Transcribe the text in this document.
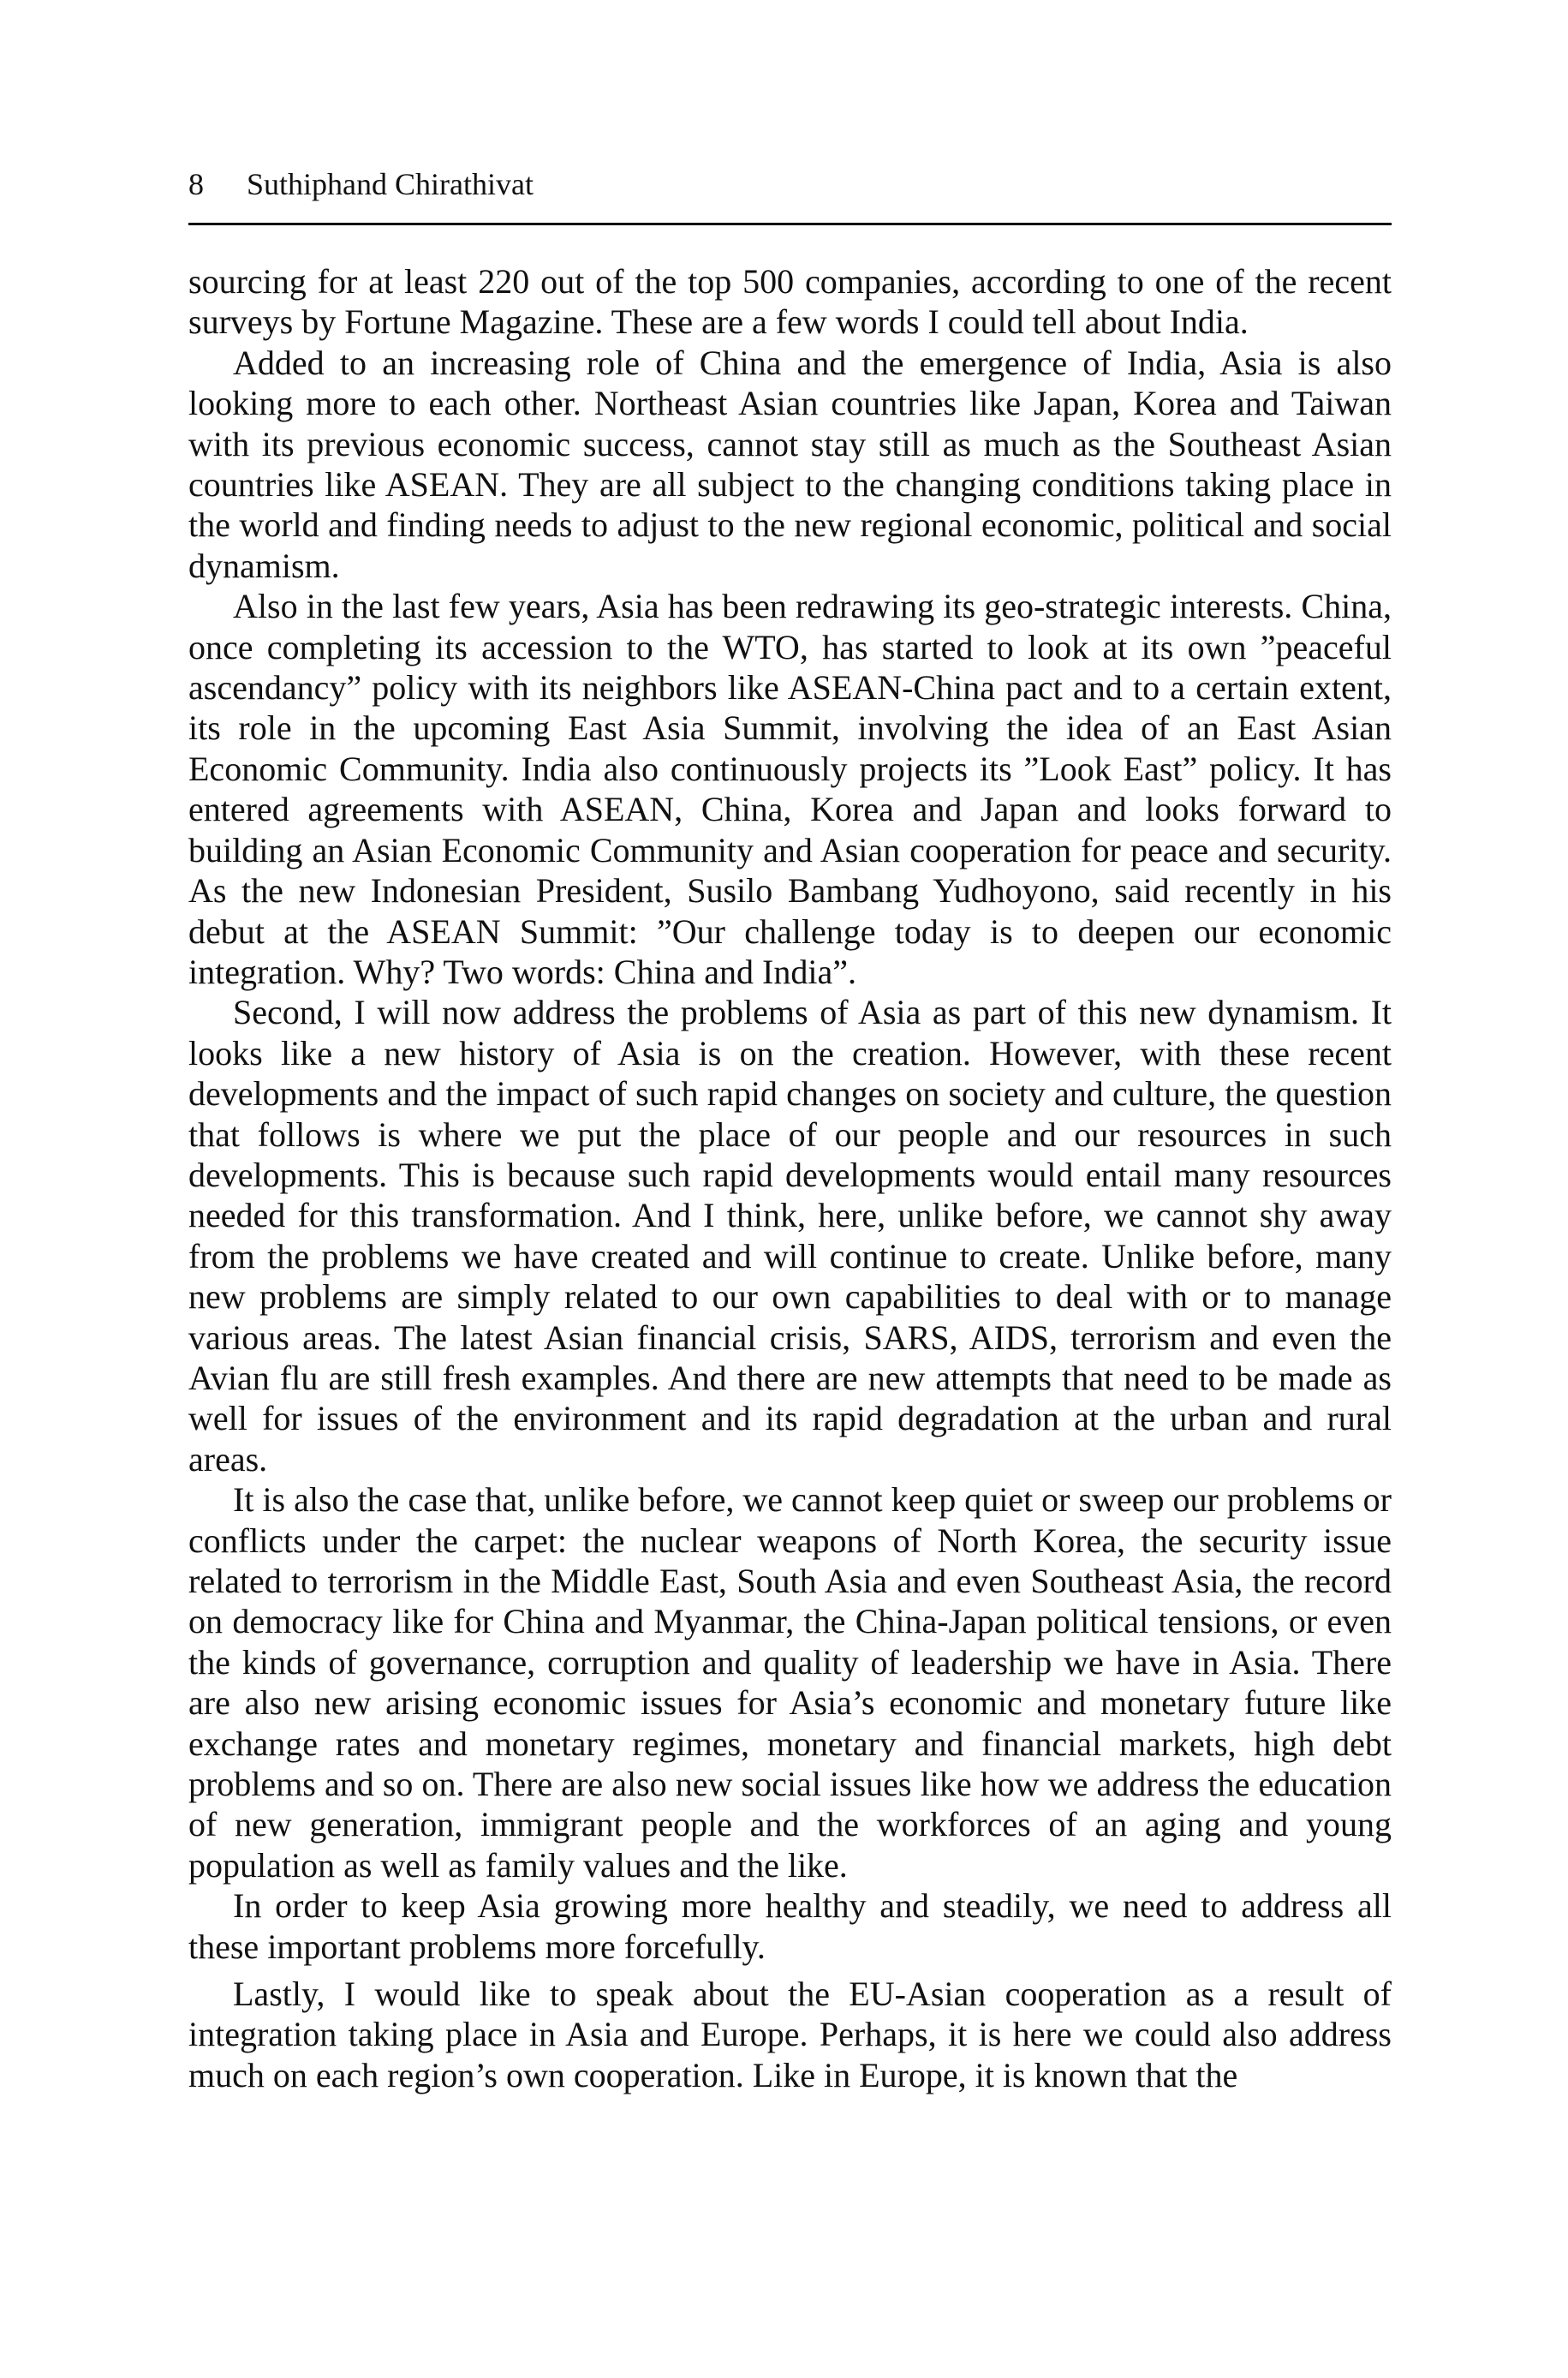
8 Suthiphand Chirathivat

sourcing for at least 220 out of the top 500 companies, according to one of the recent surveys by Fortune Magazine. These are a few words I could tell about India.

Added to an increasing role of China and the emergence of India, Asia is also looking more to each other. Northeast Asian countries like Japan, Korea and Taiwan with its previous economic success, cannot stay still as much as the Southeast Asian countries like ASEAN. They are all subject to the changing conditions taking place in the world and finding needs to adjust to the new regional economic, political and social dynamism.

Also in the last few years, Asia has been redrawing its geo-strategic interests. China, once completing its accession to the WTO, has started to look at its own ”peaceful ascendancy” policy with its neighbors like ASEAN-China pact and to a certain extent, its role in the upcoming East Asia Summit, involving the idea of an East Asian Economic Community. India also continuously projects its ”Look East” policy. It has entered agreements with ASEAN, China, Korea and Japan and looks forward to building an Asian Economic Community and Asian cooperation for peace and security. As the new Indonesian President, Susilo Bambang Yudhoyono, said recently in his debut at the ASEAN Summit: ”Our challenge today is to deepen our economic integration. Why? Two words: China and India”.

Second, I will now address the problems of Asia as part of this new dynamism. It looks like a new history of Asia is on the creation. However, with these recent developments and the impact of such rapid changes on society and culture, the question that follows is where we put the place of our people and our resources in such developments. This is because such rapid developments would entail many resources needed for this transformation. And I think, here, unlike before, we cannot shy away from the problems we have created and will continue to create. Unlike before, many new problems are simply related to our own capabilities to deal with or to manage various areas. The latest Asian financial crisis, SARS, AIDS, terrorism and even the Avian flu are still fresh examples. And there are new attempts that need to be made as well for issues of the environment and its rapid degradation at the urban and rural areas.

It is also the case that, unlike before, we cannot keep quiet or sweep our problems or conflicts under the carpet: the nuclear weapons of North Korea, the security issue related to terrorism in the Middle East, South Asia and even Southeast Asia, the record on democracy like for China and Myanmar, the China-Japan political tensions, or even the kinds of governance, corruption and quality of leadership we have in Asia. There are also new arising economic issues for Asia’s economic and monetary future like exchange rates and monetary regimes, monetary and financial markets, high debt problems and so on. There are also new social issues like how we address the education of new generation, immigrant people and the workforces of an aging and young population as well as family values and the like.

In order to keep Asia growing more healthy and steadily, we need to address all these important problems more forcefully.

Lastly, I would like to speak about the EU-Asian cooperation as a result of integration taking place in Asia and Europe. Perhaps, it is here we could also address much on each region’s own cooperation. Like in Europe, it is known that the
